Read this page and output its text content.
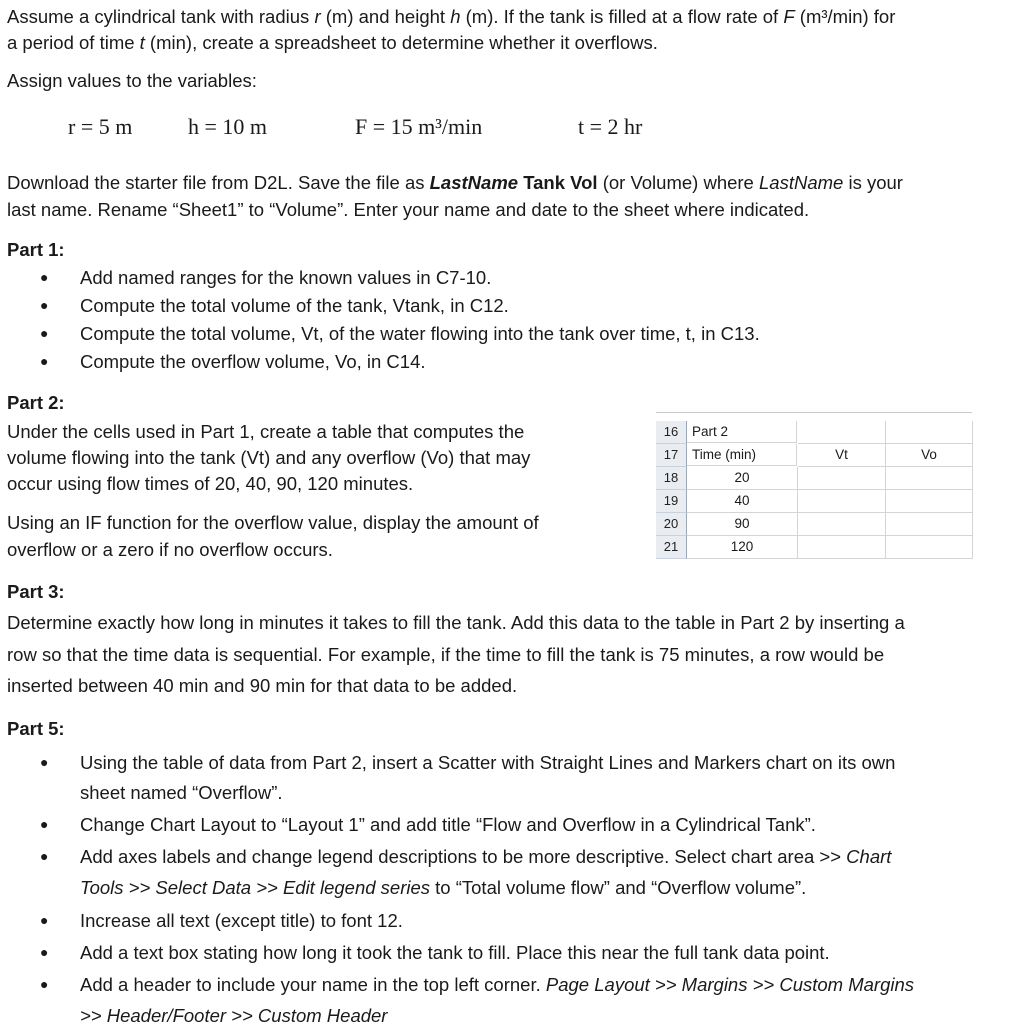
Assume a cylindrical tank with radius r (m) and height h (m). If the tank is filled at a flow rate of F (m³/min) for
a period of time t (min), create a spreadsheet to determine whether it overflows.
Assign values to the variables:
r = 5 m	h = 10 m	F = 15 m³/min	t = 2 hr
Download the starter file from D2L. Save the file as LastName Tank Vol (or Volume) where LastName is your
last name. Rename “Sheet1” to “Volume”. Enter your name and date to the sheet where indicated.
Part 1:
● Add named ranges for the known values in C7-10.
● Compute the total volume of the tank, Vtank, in C12.
● Compute the total volume, Vt, of the water flowing into the tank over time, t, in C13.
● Compute the overflow volume, Vo, in C14.
Part 2:
Under the cells used in Part 1, create a table that computes the
volume flowing into the tank (Vt) and any overflow (Vo) that may
occur using flow times of 20, 40, 90, 120 minutes.
Using an IF function for the overflow value, display the amount of
overflow or a zero if no overflow occurs.
16	Part 2
17	Time (min)	Vt	Vo
18	20
19	40
20	90
21	120
Part 3:
Determine exactly how long in minutes it takes to fill the tank. Add this data to the table in Part 2 by inserting a
row so that the time data is sequential. For example, if the time to fill the tank is 75 minutes, a row would be
inserted between 40 min and 90 min for that data to be added.
Part 5:
● Using the table of data from Part 2, insert a Scatter with Straight Lines and Markers chart on its own
sheet named “Overflow”.
● Change Chart Layout to “Layout 1” and add title “Flow and Overflow in a Cylindrical Tank”.
● Add axes labels and change legend descriptions to be more descriptive. Select chart area >> Chart
Tools >> Select Data >> Edit legend series to “Total volume flow” and “Overflow volume”.
● Increase all text (except title) to font 12.
● Add a text box stating how long it took the tank to fill. Place this near the full tank data point.
● Add a header to include your name in the top left corner. Page Layout >> Margins >> Custom Margins
>> Header/Footer >> Custom Header
